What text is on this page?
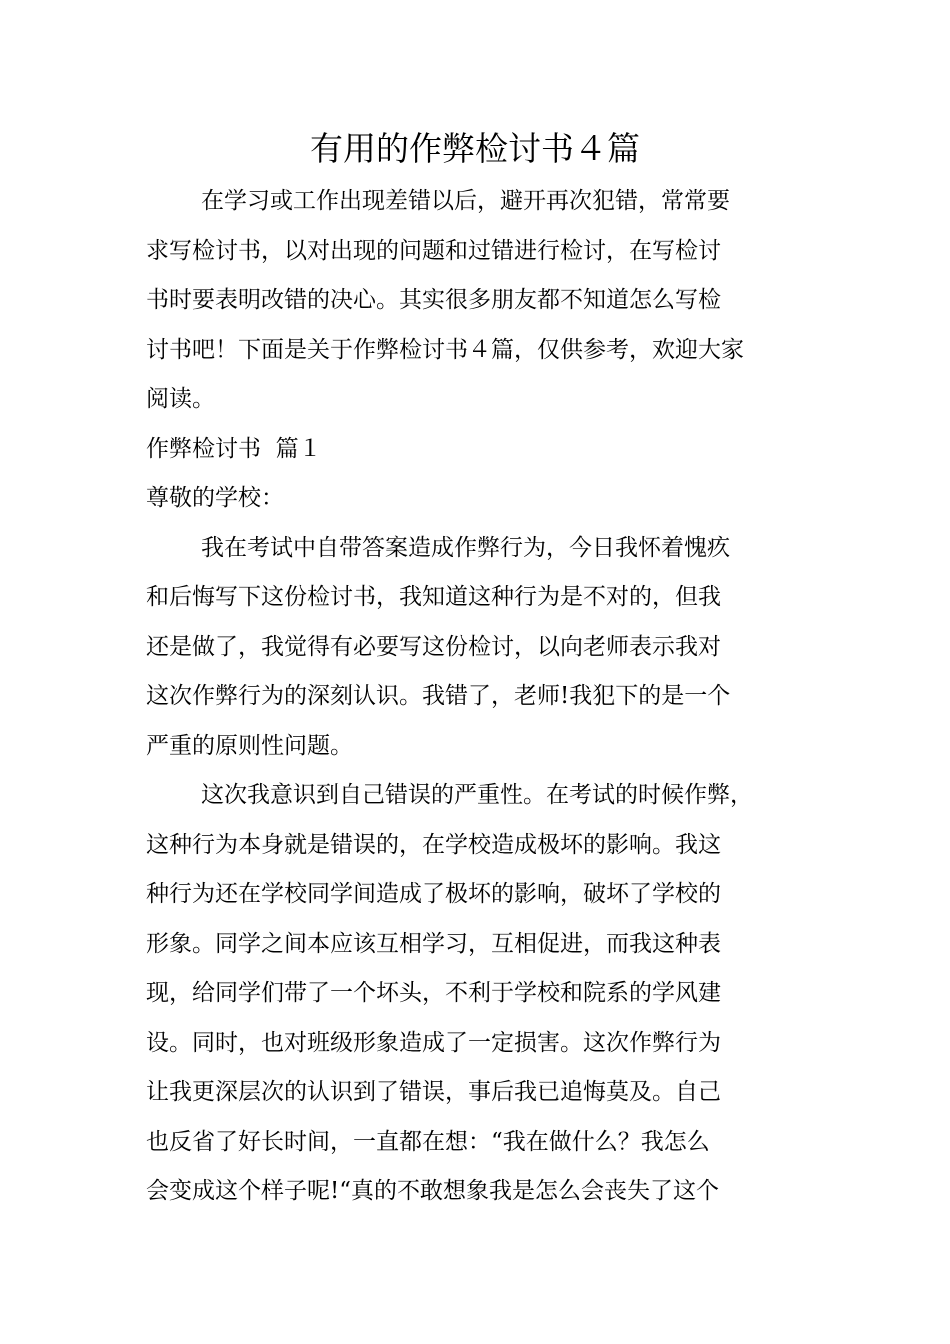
有用的作弊检讨书４篇
在学习或工作出现差错以后，避开再次犯错，常常要
求写检讨书，以对出现的问题和过错进行检讨，在写检讨
书时要表明改错的决心。其实很多朋友都不知道怎么写检
讨书吧！下面是关于作弊检讨书４篇，仅供参考，欢迎大家
阅读。
作弊检讨书  篇１
尊敬的学校：
我在考试中自带答案造成作弊行为，今日我怀着愧疚
和后悔写下这份检讨书，我知道这种行为是不对的，但我
还是做了，我觉得有必要写这份检讨，以向老师表示我对
这次作弊行为的深刻认识。我错了，老师!我犯下的是一个
严重的原则性问题。
这次我意识到自己错误的严重性。在考试的时候作弊，
这种行为本身就是错误的，在学校造成极坏的影响。我这
种行为还在学校同学间造成了极坏的影响，破坏了学校的
形象。同学之间本应该互相学习，互相促进，而我这种表
现，给同学们带了一个坏头，不利于学校和院系的学风建
设。同时，也对班级形象造成了一定损害。这次作弊行为
让我更深层次的认识到了错误，事后我已追悔莫及。自己
也反省了好长时间，一直都在想：“我在做什么？我怎么
会变成这个样子呢!“真的不敢想象我是怎么会丧失了这个
